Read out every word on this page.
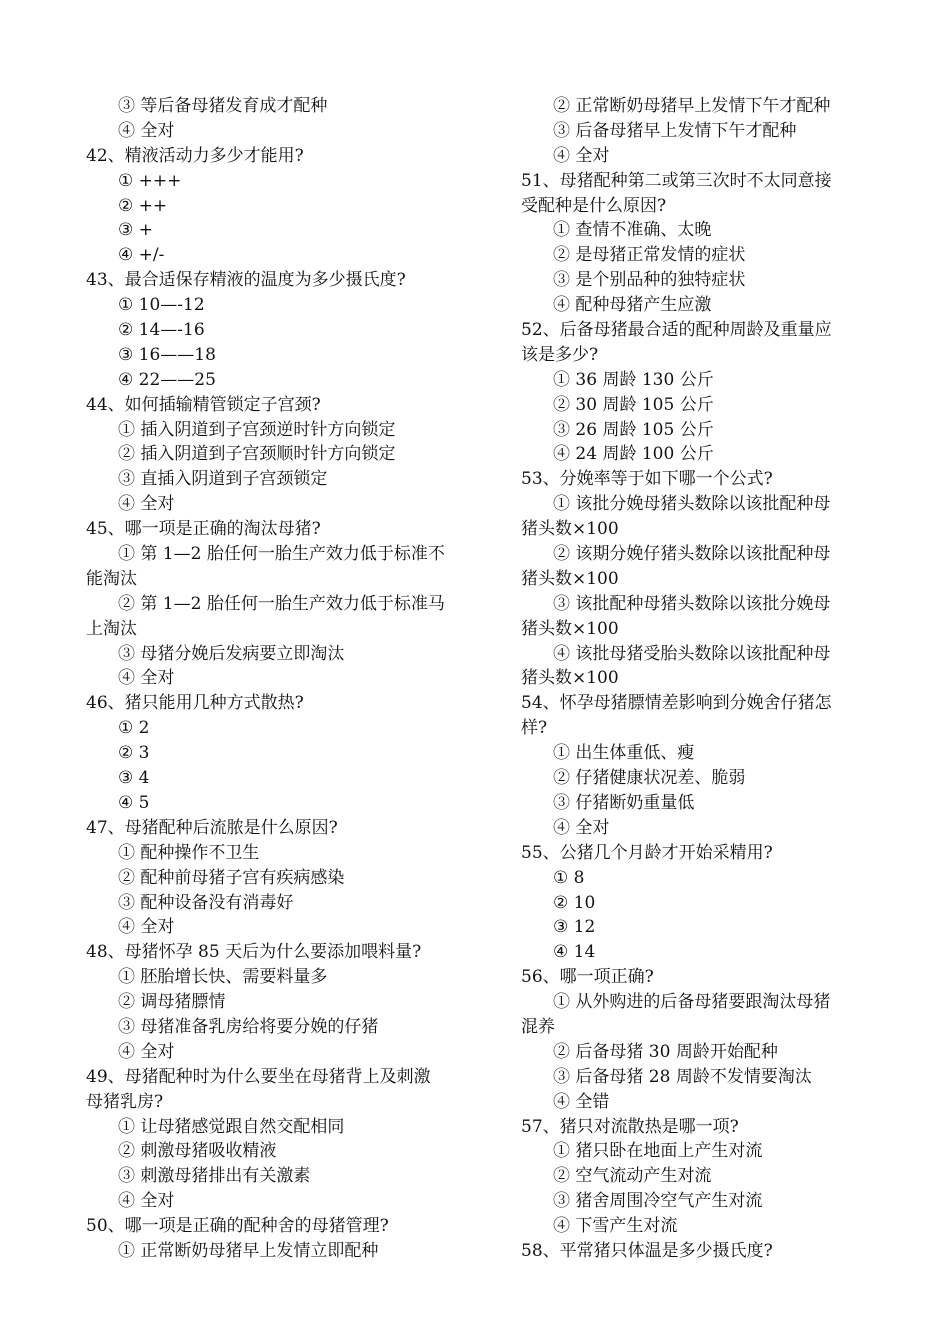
③ 等后备母猪发育成才配种
④ 全对
42、精液活动力多少才能用?
① +++
② ++
③ +
④ +/-
43、最合适保存精液的温度为多少摄氏度?
① 10—-12
② 14—-16
③ 16——18
④ 22——25
44、如何插输精管锁定子宫颈?
① 插入阴道到子宫颈逆时针方向锁定
② 插入阴道到子宫颈顺时针方向锁定
③ 直插入阴道到子宫颈锁定
④ 全对
45、哪一项是正确的淘汰母猪?
① 第 1—2 胎任何一胎生产效力低于标准不
能淘汰
② 第 1—2 胎任何一胎生产效力低于标准马
上淘汰
③ 母猪分娩后发病要立即淘汰
④ 全对
46、猪只能用几种方式散热?
① 2
② 3
③ 4
④ 5
47、母猪配种后流脓是什么原因?
① 配种操作不卫生
② 配种前母猪子宫有疾病感染
③ 配种设备没有消毒好
④ 全对
48、母猪怀孕 85 天后为什么要添加喂料量?
① 胚胎增长快、需要料量多
② 调母猪膘情
③ 母猪准备乳房给将要分娩的仔猪
④ 全对
49、母猪配种时为什么要坐在母猪背上及刺激
母猪乳房?
① 让母猪感觉跟自然交配相同
② 刺激母猪吸收精液
③ 刺激母猪排出有关激素
④ 全对
50、哪一项是正确的配种舍的母猪管理?
① 正常断奶母猪早上发情立即配种
② 正常断奶母猪早上发情下午才配种
③ 后备母猪早上发情下午才配种
④ 全对
51、母猪配种第二或第三次时不太同意接
受配种是什么原因?
① 查情不准确、太晚
② 是母猪正常发情的症状
③ 是个别品种的独特症状
④ 配种母猪产生应激
52、后备母猪最合适的配种周龄及重量应
该是多少?
① 36 周龄 130 公斤
② 30 周龄 105 公斤
③ 26 周龄 105 公斤
④ 24 周龄 100 公斤
53、分娩率等于如下哪一个公式?
① 该批分娩母猪头数除以该批配种母
猪头数×100
② 该期分娩仔猪头数除以该批配种母
猪头数×100
③ 该批配种母猪头数除以该批分娩母
猪头数×100
④ 该批母猪受胎头数除以该批配种母
猪头数×100
54、怀孕母猪膘情差影响到分娩舍仔猪怎
样?
① 出生体重低、瘦
② 仔猪健康状况差、脆弱
③ 仔猪断奶重量低
④ 全对
55、公猪几个月龄才开始采精用?
① 8
② 10
③ 12
④ 14
56、哪一项正确?
① 从外购进的后备母猪要跟淘汰母猪
混养
② 后备母猪 30 周龄开始配种
③ 后备母猪 28 周龄不发情要淘汰
④ 全错
57、猪只对流散热是哪一项?
① 猪只卧在地面上产生对流
② 空气流动产生对流
③ 猪舍周围冷空气产生对流
④ 下雪产生对流
58、平常猪只体温是多少摄氏度?
